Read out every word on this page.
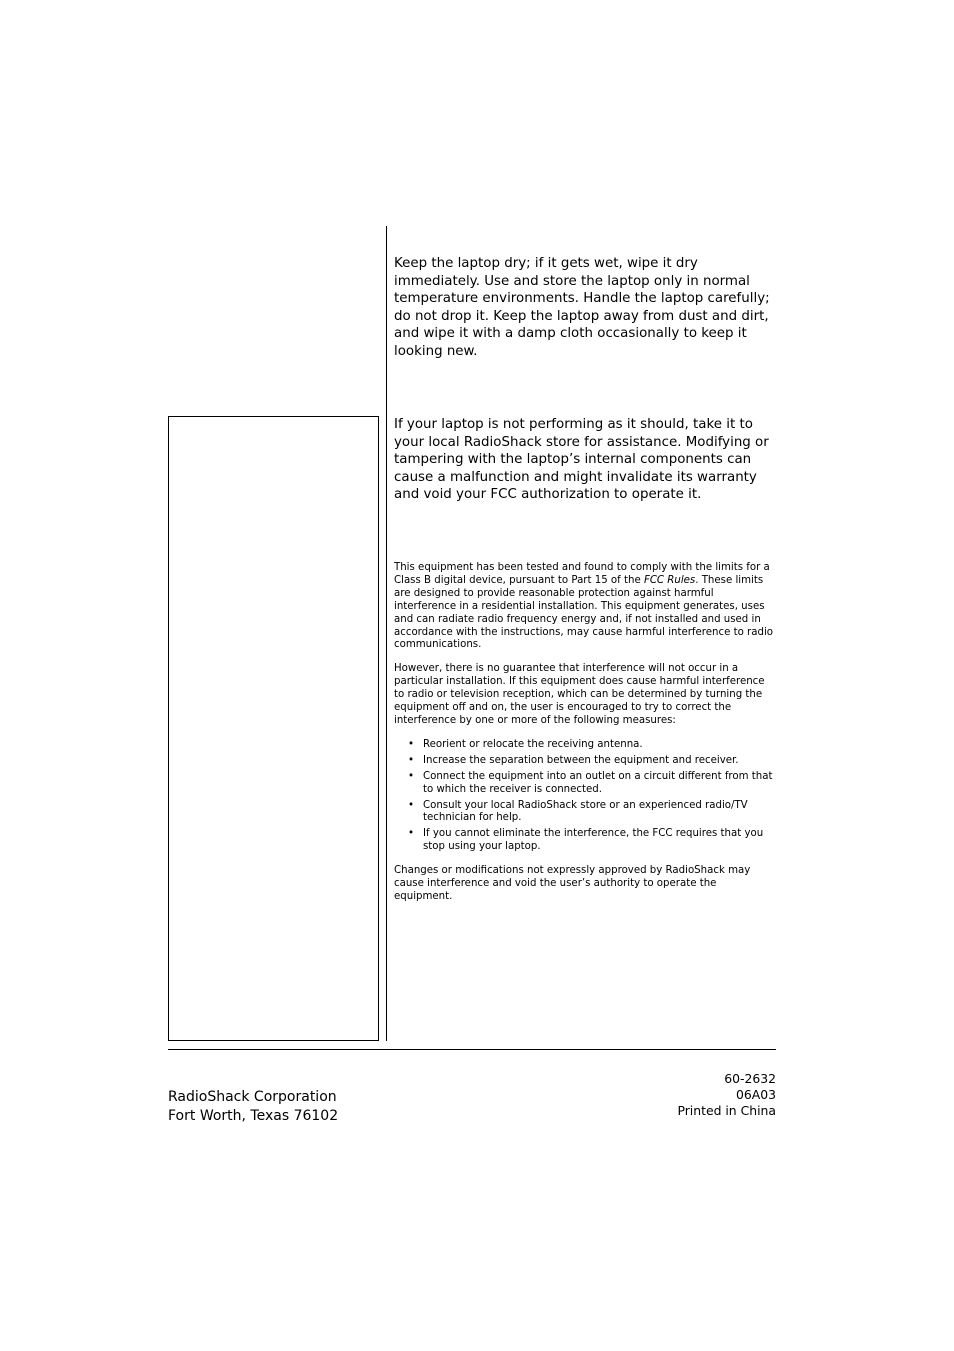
Keep the laptop dry; if it gets wet, wipe it dry immediately. Use and store the laptop only in normal temperature environments. Handle the laptop carefully; do not drop it. Keep the laptop away from dust and dirt, and wipe it with a damp cloth occasionally to keep it looking new.

If your laptop is not performing as it should, take it to your local RadioShack store for assistance. Modifying or tampering with the laptop’s internal components can cause a malfunction and might invalidate its warranty and void your FCC authorization to operate it.

This equipment has been tested and found to comply with the limits for a Class B digital device, pursuant to Part 15 of the FCC Rules. These limits are designed to provide reasonable protection against harmful interference in a residential installation. This equipment generates, uses and can radiate radio frequency energy and, if not installed and used in accordance with the instructions, may cause harmful interference to radio communications.

However, there is no guarantee that interference will not occur in a particular installation. If this equipment does cause harmful interference to radio or television reception, which can be determined by turning the equipment off and on, the user is encouraged to try to correct the interference by one or more of the following measures:

• Reorient or relocate the receiving antenna.
• Increase the separation between the equipment and receiver.
• Connect the equipment into an outlet on a circuit different from that to which the receiver is connected.
• Consult your local RadioShack store or an experienced radio/TV technician for help.
• If you cannot eliminate the interference, the FCC requires that you stop using your laptop.

Changes or modifications not expressly approved by RadioShack may cause interference and void the user’s authority to operate the equipment.

RadioShack Corporation
Fort Worth, Texas 76102
60-2632
06A03
Printed in China
